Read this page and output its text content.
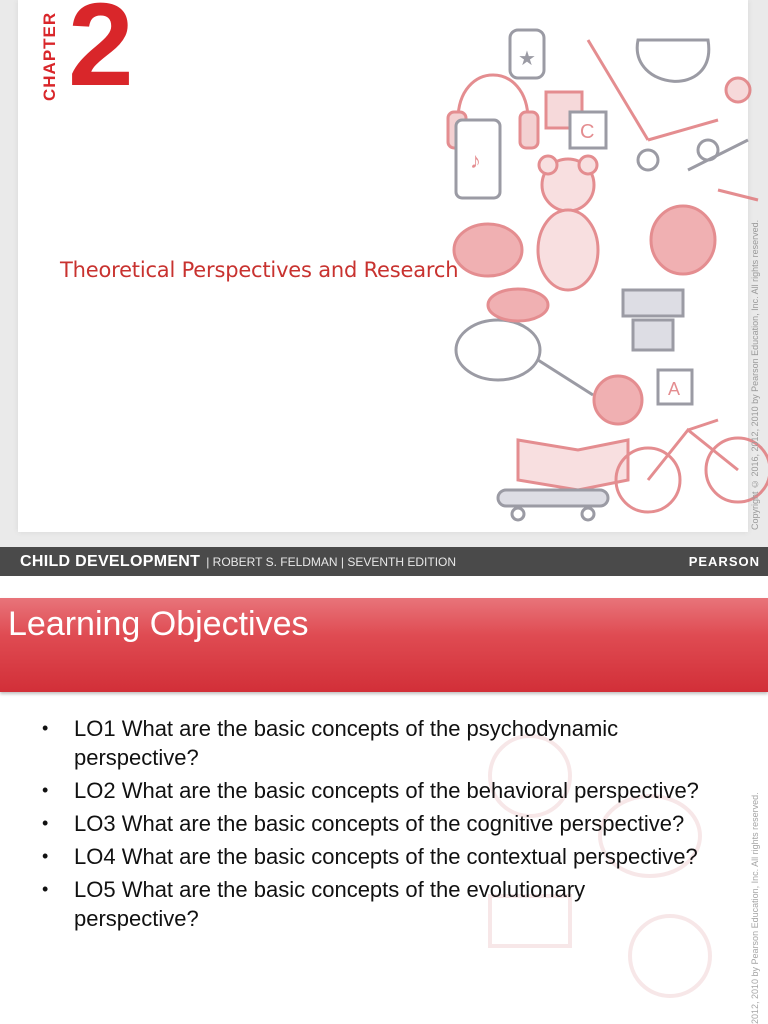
CHAPTER 2
Theoretical Perspectives and Research
♪
C
★
A	Copyright © 2016, 2012, 2010 by Pearson Education, Inc. All rights reserved.
CHILD DEVELOPMENT | ROBERT S. FELDMAN | SEVENTH EDITION	PEARSON
Learning Objectives
• LO1 What are the basic concepts of the psychodynamic perspective?
• LO2 What are the basic concepts of the behavioral perspective?
• LO3 What are the basic concepts of the cognitive perspective?
• LO4 What are the basic concepts of the contextual perspective?
• LO5 What are the basic concepts of the evolutionary perspective?	2012, 2010 by Pearson Education, Inc. All rights reserved.
